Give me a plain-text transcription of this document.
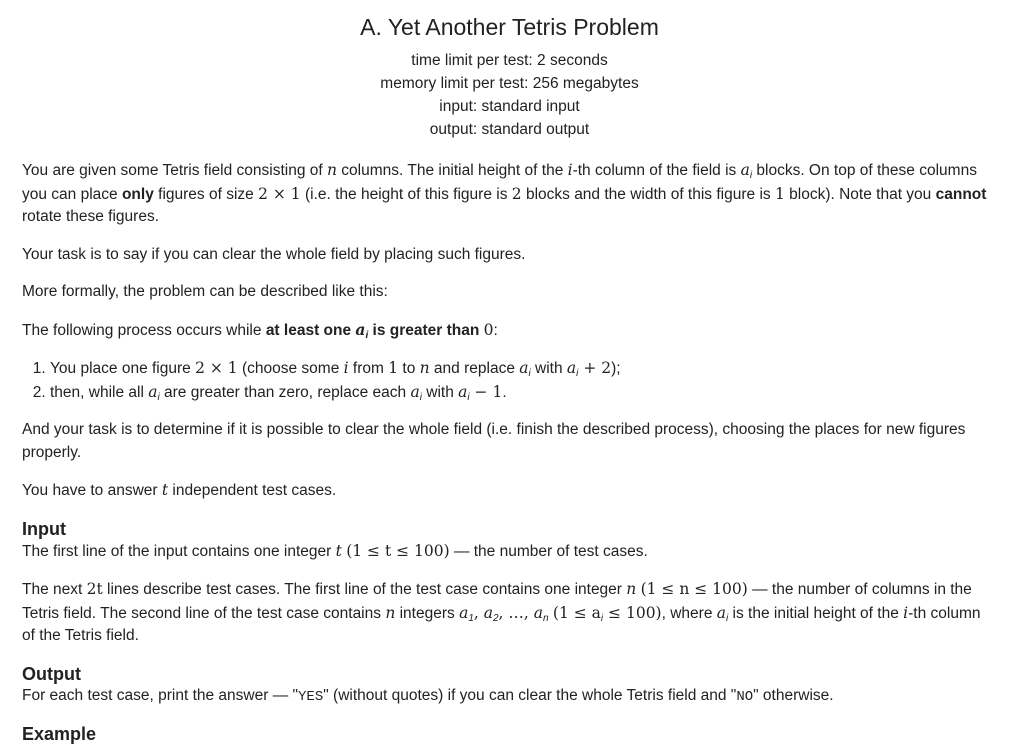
A. Yet Another Tetris Problem
time limit per test: 2 seconds
memory limit per test: 256 megabytes
input: standard input
output: standard output

You are given some Tetris field consisting of n columns. The initial height of the i-th column of the field is $a_i$ blocks. On top of these columns you can place only figures of size 2 × 1 (i.e. the height of this figure is 2 blocks and the width of this figure is 1 block). Note that you cannot rotate these figures.

Your task is to say if you can clear the whole field by placing such figures.

More formally, the problem can be described like this:

The following process occurs while at least one $a_i$ is greater than 0:

1. You place one figure 2 × 1 (choose some i from 1 to n and replace $a_i$ with $a_i + 2$);
2. then, while all $a_i$ are greater than zero, replace each $a_i$ with $a_i - 1$.

And your task is to determine if it is possible to clear the whole field (i.e. finish the described process), choosing the places for new figures properly.

You have to answer t independent test cases.

Input

The first line of the input contains one integer t (1 ≤ t ≤ 100) — the number of test cases.

The next 2t lines describe test cases. The first line of the test case contains one integer n (1 ≤ n ≤ 100) — the number of columns in the Tetris field. The second line of the test case contains n integers $a_1$, $a_2$, …, $a_n$ $(1 \le a_i \le 100)$, where $a_i$ is the initial height of the i-th column of the Tetris field.

Output

For each test case, print the answer — "YES" (without quotes) if you can clear the whole Tetris field and "NO" otherwise.

Example
